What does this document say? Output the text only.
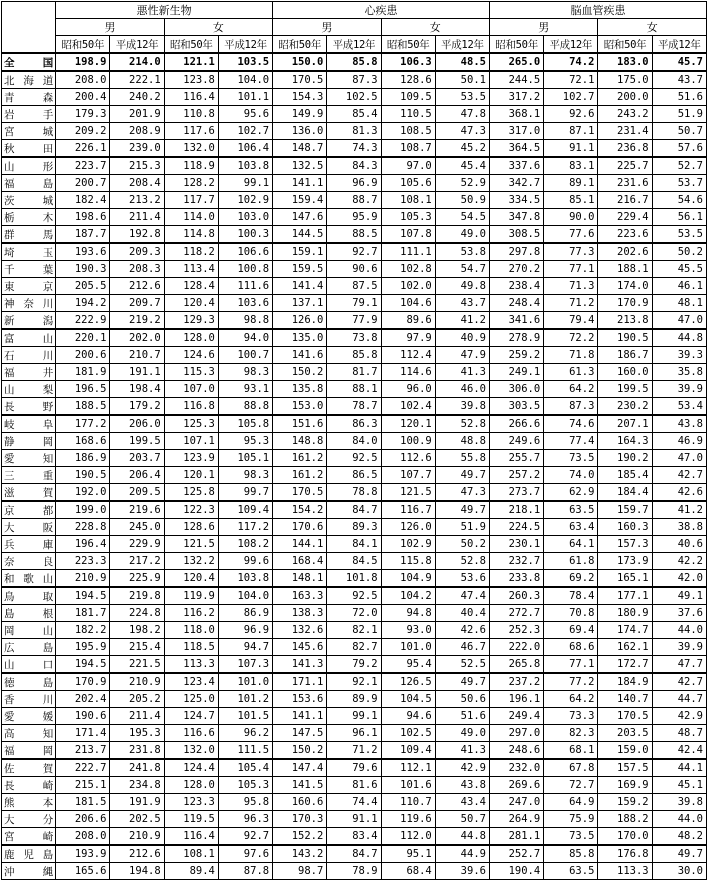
	悪性新生物				心疾患				脳血管疾患			
	男		女		男		女		男		女	
	昭和50年	平成12年	昭和50年	平成12年	昭和50年	平成12年	昭和50年	平成12年	昭和50年	平成12年	昭和50年	平成12年

全国	198.9	214.0	121.1	103.5	150.0	85.8	106.3	48.5	265.0	74.2	183.0	45.7

北海道	208.0	222.1	123.8	104.0	170.5	87.3	128.6	50.1	244.5	72.1	175.0	43.7

青森	200.4	240.2	116.4	101.1	154.3	102.5	109.5	53.5	317.2	102.7	200.0	51.6

岩手	179.3	201.9	110.8	95.6	149.9	85.4	110.5	47.8	368.1	92.6	243.2	51.9

宮城	209.2	208.9	117.6	102.7	136.0	81.3	108.5	47.3	317.0	87.1	231.4	50.7

秋田	226.1	239.0	132.0	106.4	148.7	74.3	108.7	45.2	364.5	91.1	236.8	57.6

山形	223.7	215.3	118.9	103.8	132.5	84.3	97.0	45.4	337.6	83.1	225.7	52.7

福島	200.7	208.4	128.2	99.1	141.1	96.9	105.6	52.9	342.7	89.1	231.6	53.7

茨城	182.4	213.2	117.7	102.9	159.4	88.7	108.1	50.9	334.5	85.1	216.7	54.6

栃木	198.6	211.4	114.0	103.0	147.6	95.9	105.3	54.5	347.8	90.0	229.4	56.1

群馬	187.7	192.8	114.8	100.3	144.5	88.5	107.8	49.0	308.5	77.6	223.6	53.5

埼玉	193.6	209.3	118.2	106.6	159.1	92.7	111.1	53.8	297.8	77.3	202.6	50.2

千葉	190.3	208.3	113.4	100.8	159.5	90.6	102.8	54.7	270.2	77.1	188.1	45.5

東京	205.5	212.6	128.4	111.6	141.4	87.5	102.0	49.8	238.4	71.3	174.0	46.1

神奈川	194.2	209.7	120.4	103.6	137.1	79.1	104.6	43.7	248.4	71.2	170.9	48.1

新潟	222.9	219.2	129.3	98.8	126.0	77.9	89.6	41.2	341.6	79.4	213.8	47.0

富山	220.1	202.0	128.0	94.0	135.0	73.8	97.9	40.9	278.9	72.2	190.5	44.8

石川	200.6	210.7	124.6	100.7	141.6	85.8	112.4	47.9	259.2	71.8	186.7	39.3

福井	181.9	191.1	115.3	98.3	150.2	81.7	114.6	41.3	249.1	61.3	160.0	35.8

山梨	196.5	198.4	107.0	93.1	135.8	88.1	96.0	46.0	306.0	64.2	199.5	39.9

長野	188.5	179.2	116.8	88.8	153.0	78.7	102.4	39.8	303.5	87.3	230.2	53.4

岐阜	177.2	206.0	125.3	105.8	151.6	86.3	120.1	52.8	266.6	74.6	207.1	43.8

静岡	168.6	199.5	107.1	95.3	148.8	84.0	100.9	48.8	249.6	77.4	164.3	46.9

愛知	186.9	203.7	123.9	105.1	161.2	92.5	112.6	55.8	255.7	73.5	190.2	47.0

三重	190.5	206.4	120.1	98.3	161.2	86.5	107.7	49.7	257.2	74.0	185.4	42.7

滋賀	192.0	209.5	125.8	99.7	170.5	78.8	121.5	47.3	273.7	62.9	184.4	42.6

京都	199.0	219.6	122.3	109.4	154.2	84.7	116.7	49.7	218.1	63.5	159.7	41.2

大阪	228.8	245.0	128.6	117.2	170.6	89.3	126.0	51.9	224.5	63.4	160.3	38.8

兵庫	196.4	229.9	121.5	108.2	144.1	84.1	102.9	50.2	230.1	64.1	157.3	40.6

奈良	223.3	217.2	132.2	99.6	168.4	84.5	115.8	52.8	232.7	61.8	173.9	42.2

和歌山	210.9	225.9	120.4	103.8	148.1	101.8	104.9	53.6	233.8	69.2	165.1	42.0

鳥取	194.5	219.8	119.9	104.0	163.3	92.5	104.2	47.4	260.3	78.4	177.1	49.1

島根	181.7	224.8	116.2	86.9	138.3	72.0	94.8	40.4	272.7	70.8	180.9	37.6

岡山	182.2	198.2	118.0	96.9	132.6	82.1	93.0	42.6	252.3	69.4	174.7	44.0

広島	195.9	215.4	118.5	94.7	145.6	82.7	101.0	46.7	222.0	68.6	162.1	39.9

山口	194.5	221.5	113.3	107.3	141.3	79.2	95.4	52.5	265.8	77.1	172.7	47.7

徳島	170.9	210.9	123.4	101.0	171.1	92.1	126.5	49.7	237.2	77.2	184.9	42.7

香川	202.4	205.2	125.0	101.2	153.6	89.9	104.5	50.6	196.1	64.2	140.7	44.7

愛媛	190.6	211.4	124.7	101.5	141.1	99.1	94.6	51.6	249.4	73.3	170.5	42.9

高知	171.4	195.3	116.6	96.2	147.5	96.1	102.5	49.0	297.0	82.3	203.5	48.7

福岡	213.7	231.8	132.0	111.5	150.2	71.2	109.4	41.3	248.6	68.1	159.0	42.4

佐賀	222.7	241.8	124.4	105.4	147.4	79.6	112.1	42.9	232.0	67.8	157.5	44.1

長崎	215.1	234.8	128.0	105.3	141.5	81.6	101.6	43.8	269.6	72.7	169.9	45.1

熊本	181.5	191.9	123.3	95.8	160.6	74.4	110.7	43.4	247.0	64.9	159.2	39.8

大分	206.6	202.5	119.5	96.3	170.3	91.1	119.6	50.7	264.9	75.9	188.2	44.0

宮崎	208.0	210.9	116.4	92.7	152.2	83.4	112.0	44.8	281.1	73.5	170.0	48.2

鹿児島	193.9	212.6	108.1	97.6	143.2	84.7	95.1	44.9	252.7	85.8	176.8	49.7

沖縄	165.6	194.8	89.4	87.8	98.7	78.9	68.4	39.6	190.4	63.5	113.3	30.0
